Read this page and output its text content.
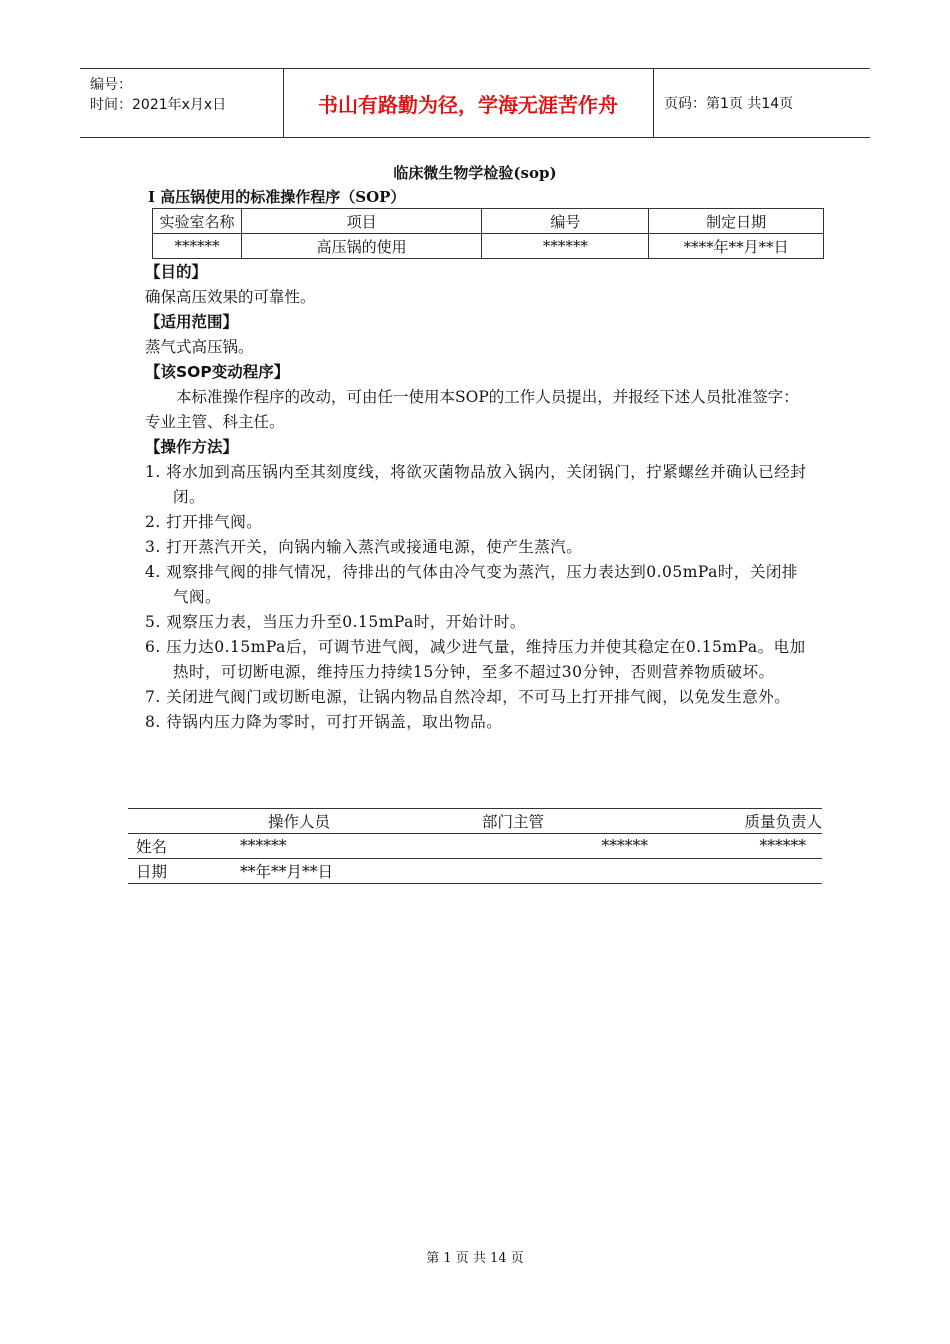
编号：
时间：2021年x月x日	书山有路勤为径，学海无涯苦作舟	页码：第1页 共14页
临床微生物学检验(sop)
Ⅰ 高压锅使用的标准操作程序（SOP）
实验室名称	项目	编号	制定日期
******	高压锅的使用	******	****年**月**日
【目的】

确保高压效果的可靠性。

【适用范围】

蒸气式高压锅。

【该SOP变动程序】

本标准操作程序的改动，可由任一使用本SOP的工作人员提出，并报经下述人员批准签字：专业主管、科主任。

【操作方法】
1. 将水加到高压锅内至其刻度线，将欲灭菌物品放入锅内，关闭锅门，拧紧螺丝并确认已经封闭。
2. 打开排气阀。
3. 打开蒸汽开关，向锅内输入蒸汽或接通电源，使产生蒸汽。
4. 观察排气阀的排气情况，待排出的气体由冷气变为蒸汽，压力表达到0.05mPa时，关闭排气阀。
5. 观察压力表，当压力升至0.15mPa时，开始计时。
6. 压力达0.15mPa后，可调节进气阀，减少进气量，维持压力并使其稳定在0.15mPa。电加热时，可切断电源，维持压力持续15分钟，至多不超过30分钟，否则营养物质破坏。
7. 关闭进气阀门或切断电源，让锅内物品自然冷却，不可马上打开排气阀，以免发生意外。
8. 待锅内压力降为零时，可打开锅盖，取出物品。
	操作人员	部门主管	质量负责人
姓名	******	******	******
日期	**年**月**日		
第 1 页 共 14 页
